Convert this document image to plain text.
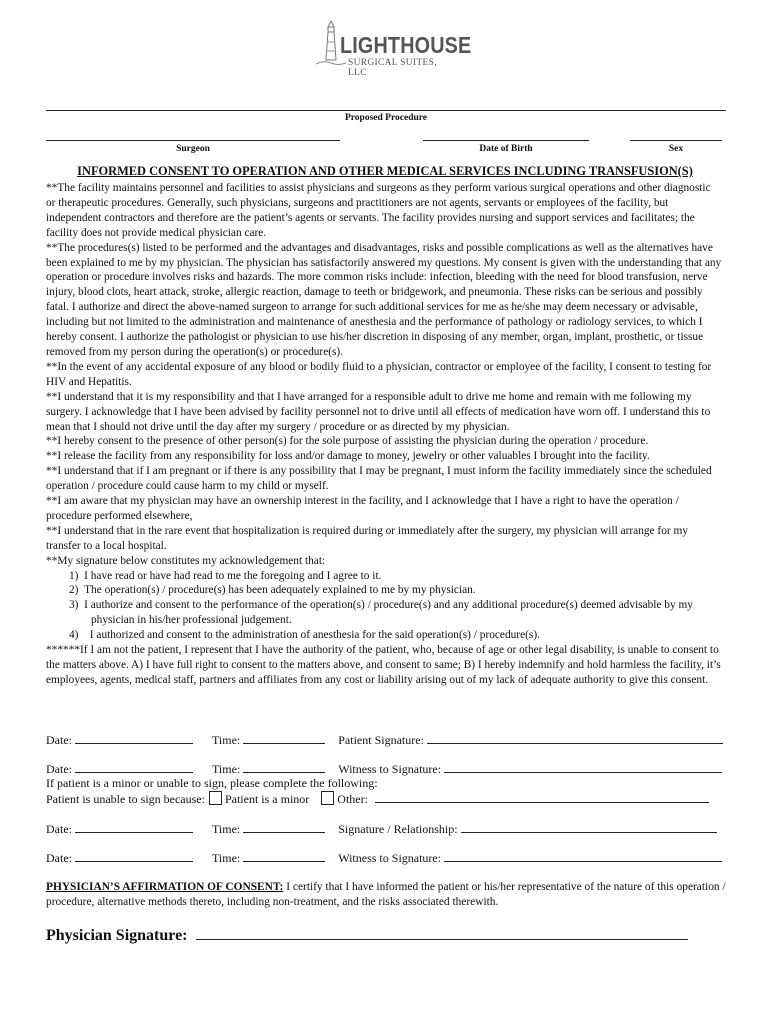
LIGHTHOUSE
SURGICAL SUITES, LLC
Proposed Procedure
Surgeon	Date of Birth	Sex
INFORMED CONSENT TO OPERATION AND OTHER MEDICAL SERVICES INCLUDING TRANSFUSION(S)

**The facility maintains personnel and facilities to assist physicians and surgeons as they perform various surgical operations and other diagnostic or therapeutic procedures. Generally, such physicians, surgeons and practitioners are not agents, servants or employees of the facility, but independent contractors and therefore are the patient’s agents or servants. The facility provides nursing and support services and facilitates; the facility does not provide medical physician care.

**The procedures(s) listed to be performed and the advantages and disadvantages, risks and possible complications as well as the alternatives have been explained to me by my physician. The physician has satisfactorily answered my questions. My consent is given with the understanding that any operation or procedure involves risks and hazards. The more common risks include: infection, bleeding with the need for blood transfusion, nerve injury, blood clots, heart attack, stroke, allergic reaction, damage to teeth or bridgework, and pneumonia. These risks can be serious and possibly fatal. I authorize and direct the above-named surgeon to arrange for such additional services for me as he/she may deem necessary or advisable, including but not limited to the administration and maintenance of anesthesia and the performance of pathology or radiology services, to which I hereby consent. I authorize the pathologist or physician to use his/her discretion in disposing of any member, organ, implant, prosthetic, or tissue removed from my person during the operation(s) or procedure(s).

**In the event of any accidental exposure of any blood or bodily fluid to a physician, contractor or employee of the facility, I consent to testing for HIV and Hepatitis.

**I understand that it is my responsibility and that I have arranged for a responsible adult to drive me home and remain with me following my surgery. I acknowledge that I have been advised by facility personnel not to drive until all effects of medication have worn off. I understand this to mean that I should not drive until the day after my surgery / procedure or as directed by my physician.

**I hereby consent to the presence of other person(s) for the sole purpose of assisting the physician during the operation / procedure.

**I release the facility from any responsibility for loss and/or damage to money, jewelry or other valuables I brought into the facility.

**I understand that if I am pregnant or if there is any possibility that I may be pregnant, I must inform the facility immediately since the scheduled operation / procedure could cause harm to my child or myself.

**I am aware that my physician may have an ownership interest in the facility, and I acknowledge that I have a right to have the operation / procedure performed elsewhere,

**I understand that in the rare event that hospitalization is required during or immediately after the surgery, my physician will arrange for my transfer to a local hospital.

**My signature below constitutes my acknowledgement that:

1) I have read or have had read to me the foregoing and I agree to it.

2) The operation(s) / procedure(s) has been adequately explained to me by my physician.

3) I authorize and consent to the performance of the operation(s) / procedure(s) and any additional procedure(s) deemed advisable by my physician in his/her professional judgement.

4)  I authorized and consent to the administration of anesthesia for the said operation(s) / procedure(s).

******If I am not the patient, I represent that I have the authority of the patient, who, because of age or other legal disability, is unable to consent to the matters above. A) I have full right to consent to the matters above, and consent to same; B) I hereby indemnify and hold harmless the facility, it’s employees, agents, medical staff, partners and affiliates from any cost or liability arising out of my lack of adequate authority to give this consent.

Date:	Time:	Patient Signature:
Date:	Time:	Witness to Signature:
If patient is a minor or unable to sign, please complete the following:
Patient is unable to sign because: Patient is a minor Other:
Date:	Time:	Signature / Relationship:
Date:	Time:	Witness to Signature:
PHYSICIAN’S AFFIRMATION OF CONSENT: I certify that I have informed the patient or his/her representative of the nature of this operation / procedure, alternative methods thereto, including non-treatment, and the risks associated therewith.
Physician Signature:
